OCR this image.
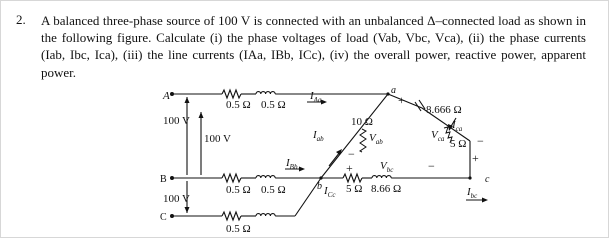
2. A balanced three-phase source of 100 V is connected with an unbalanced Δ–connected load as shown in the following figure. Calculate (i) the phase voltages of load (Vab, Vbc, Vca), (ii) the phase currents (Iab, Ibc, Ica), (iii) the line currents (IAa, IBb, ICc), (iv) the overall power, reactive power, apparent power.

A
B
C
a
b
c
100 V
100 V
100 V
0.5 Ω 0.5 Ω
0.5 Ω 0.5 Ω
0.5 Ω
10 Ω
8.666 Ω
5 Ω
5 Ω 8.66 Ω
$I_{Aa}$
$I_{Bb}$
$I_{Cc}$
$I_{ab}$
$I_{ca}$
$I_{bc}$
$V_{ab}$
$V_{ca}$
$V_{bc}$
+
−
+
−
+	−
